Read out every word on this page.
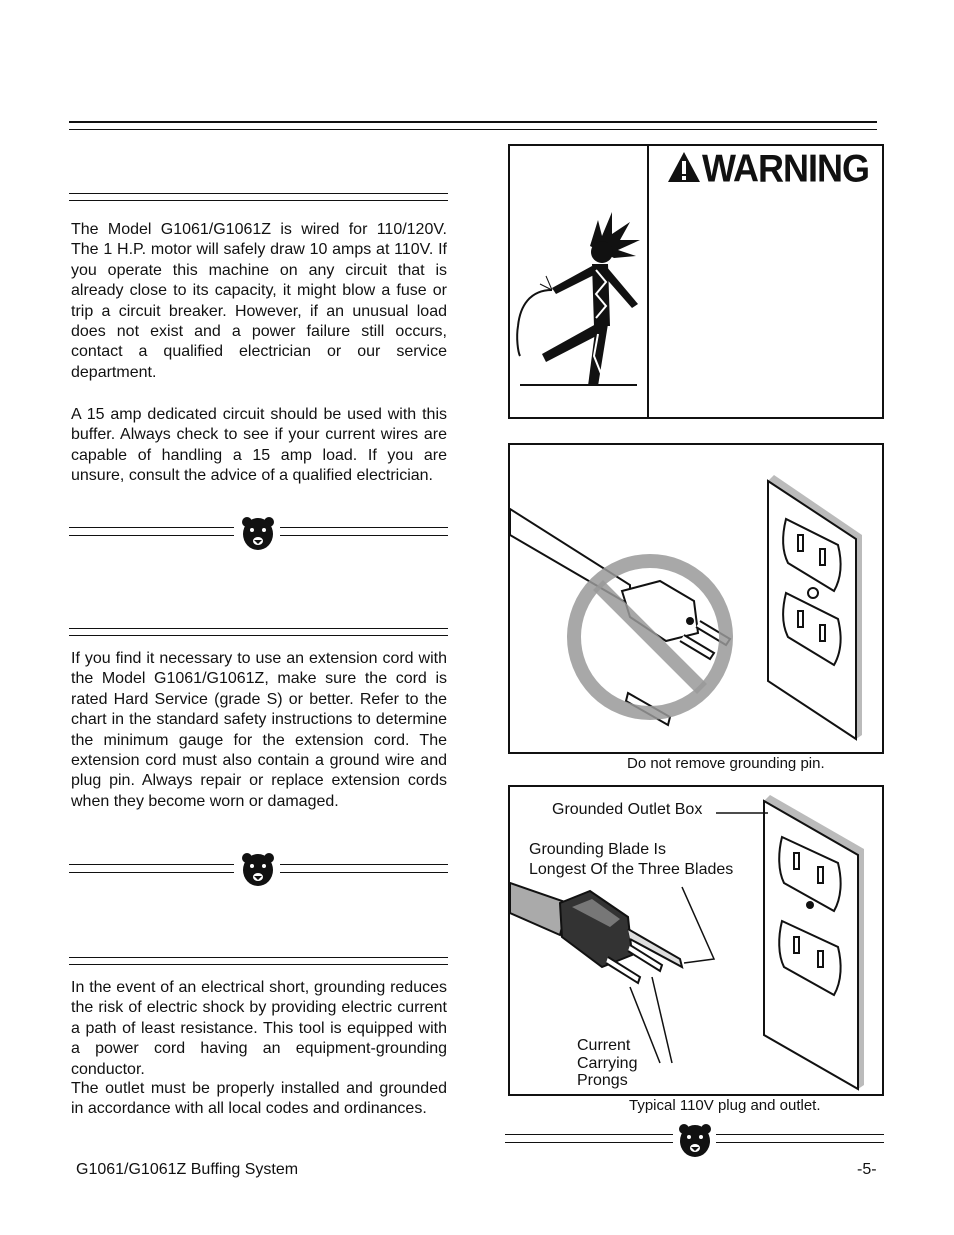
The Model G1061/G1061Z is wired for 110/120V. The 1 H.P. motor will safely draw 10 amps at 110V. If you operate this machine on any circuit that is already close to its capacity, it might blow a fuse or trip a circuit breaker. However, if an unusual load does not exist and a power failure still occurs, contact a qualified electrician or our service department.

A 15 amp dedicated circuit should be used with this buffer. Always check to see if your current wires are capable of handling a 15 amp load. If you are unsure, consult the advice of a qualified electrician.

If you find it necessary to use an extension cord with the Model G1061/G1061Z, make sure the cord is rated Hard Service (grade S) or better. Refer to the chart in the standard safety instructions to determine the minimum gauge for the extension cord. The extension cord must also contain a ground wire and plug pin. Always repair or replace extension cords when they become worn or damaged.

In the event of an electrical short, grounding reduces the risk of electric shock by providing electric current a path of least resistance. This tool is equipped with a power cord having an equipment-grounding conductor.

The outlet must be properly installed and grounded in accordance with all local codes and ordinances.

WARNING
Do not remove grounding pin.
Grounded Outlet Box
Grounding Blade Is
Longest Of the Three Blades
Current
Carrying
Prongs
Typical 110V plug and outlet.
G1061/G1061Z Buffing System	-5-
